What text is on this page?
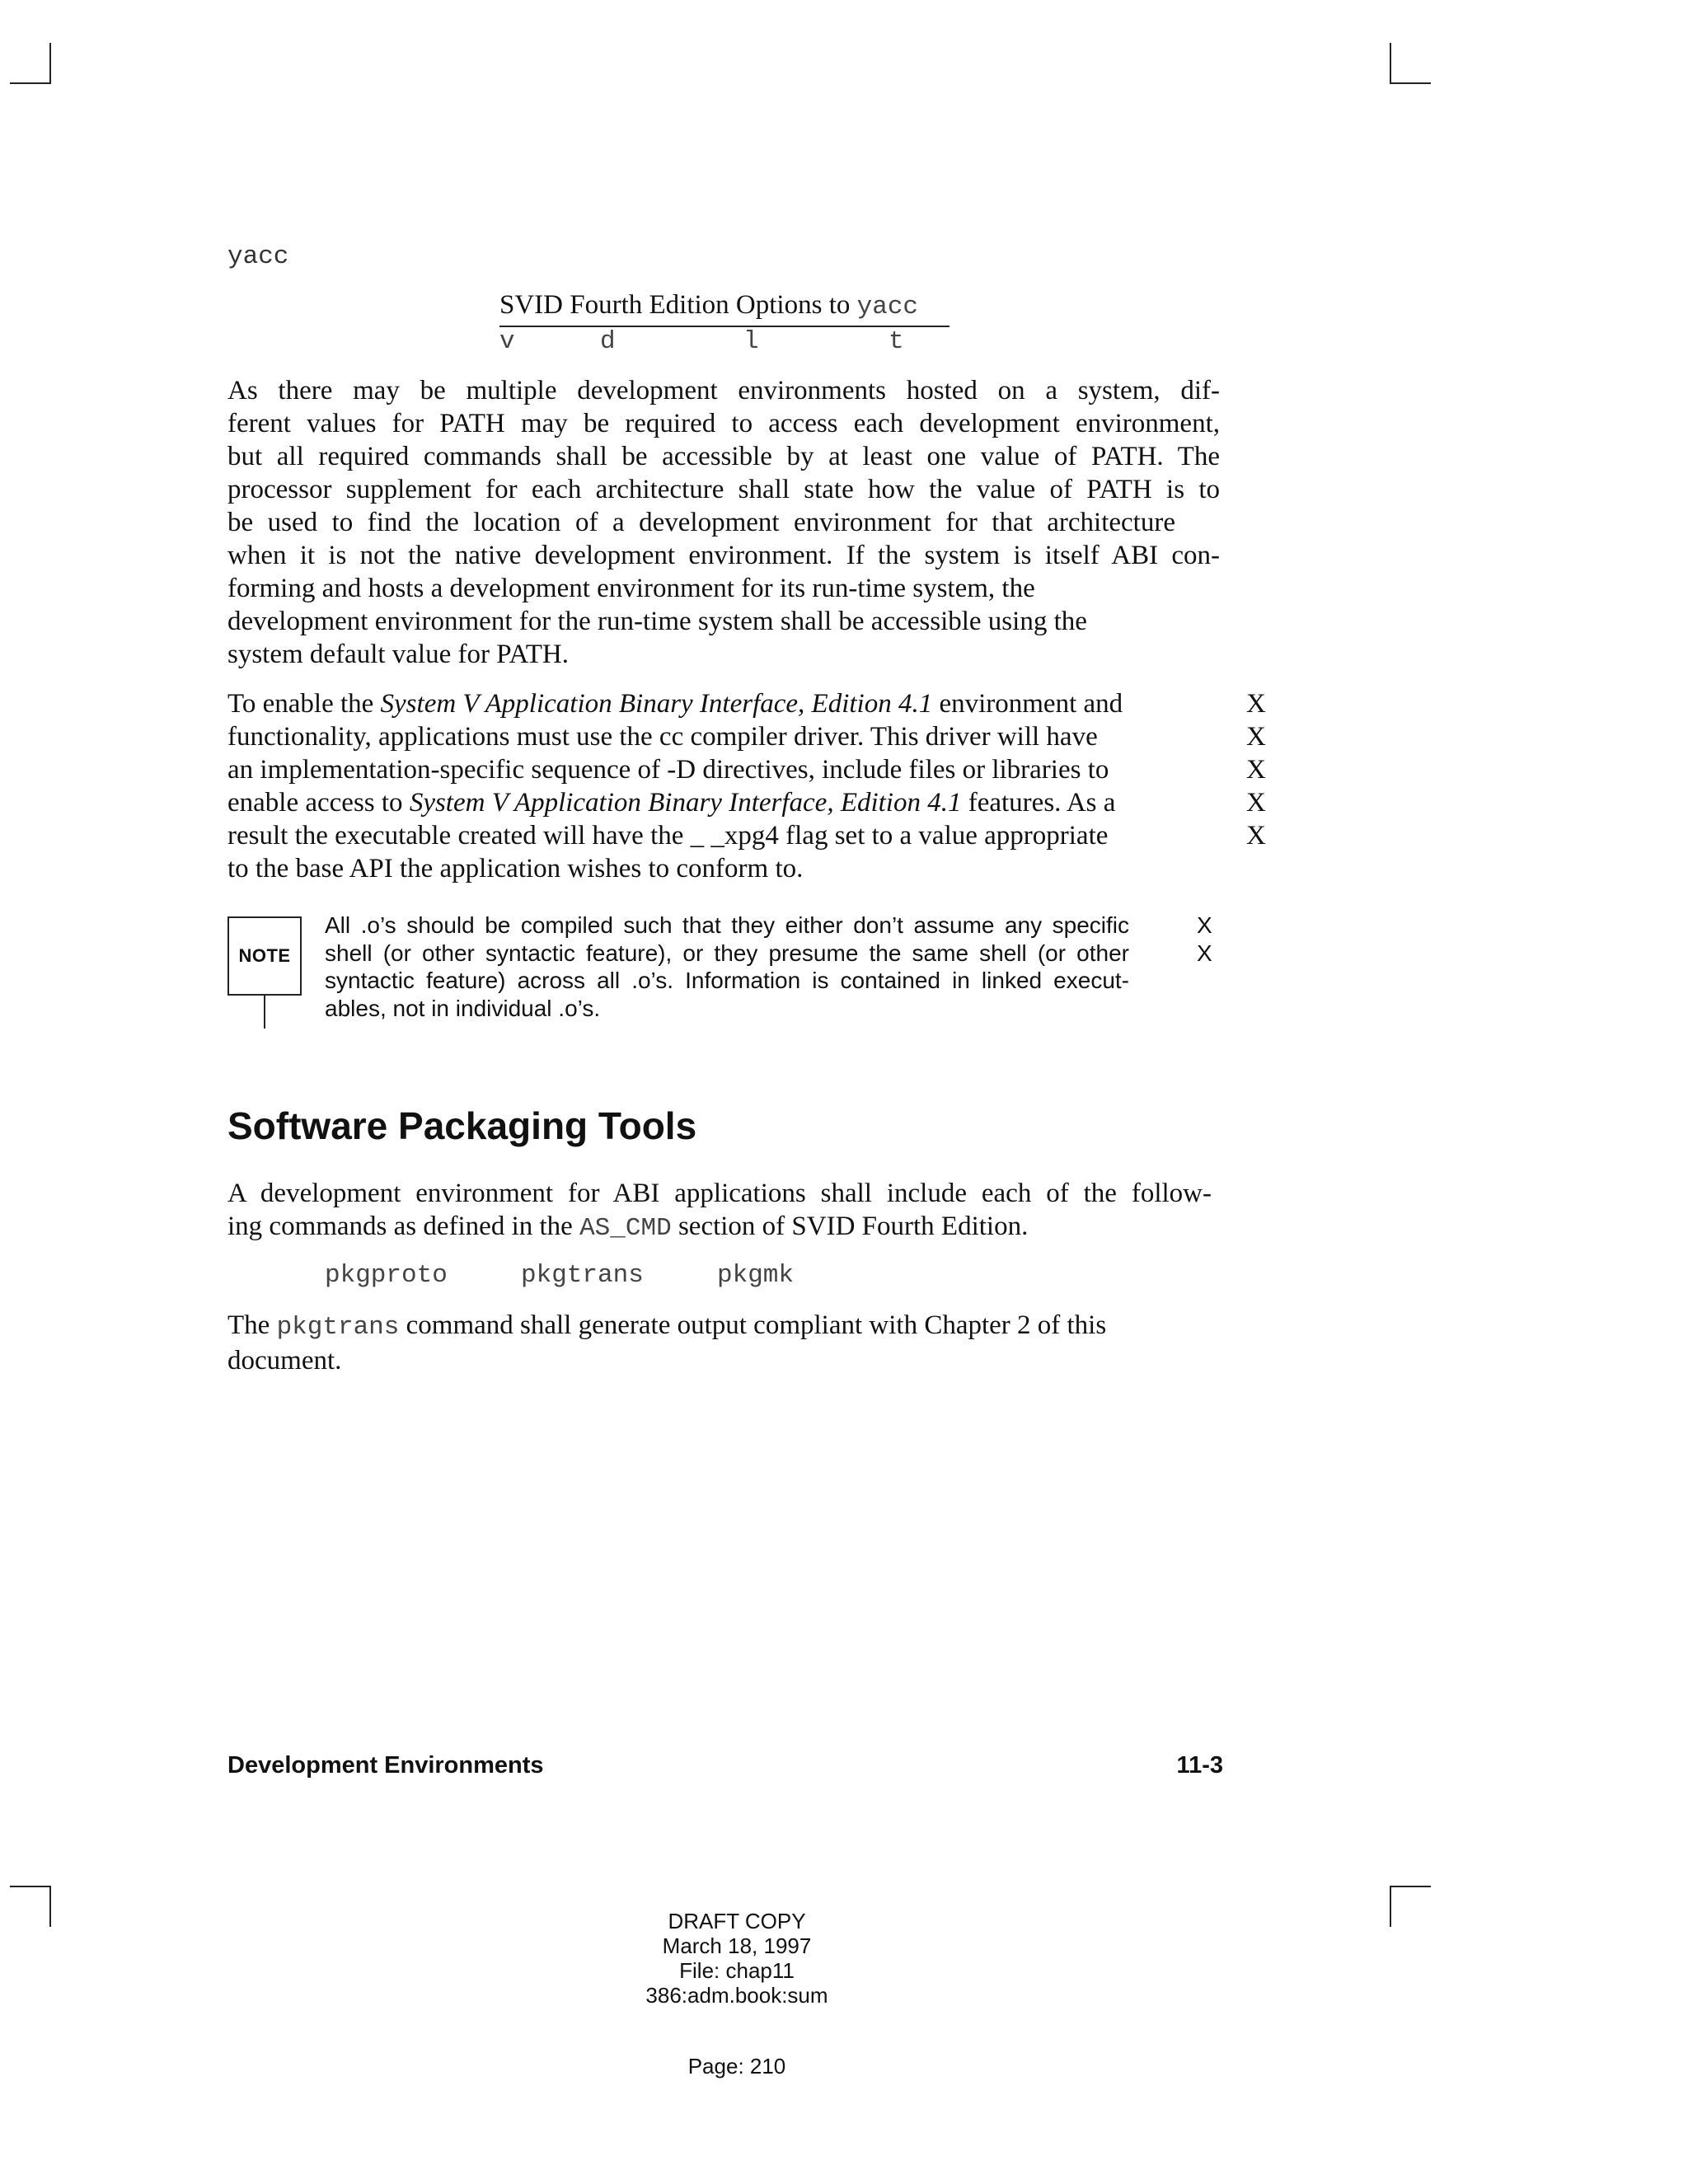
yacc
SVID Fourth Edition Options to yacc
v	d	l	t
As there may be multiple development environments hosted on a system, dif-
ferent values for PATH may be required to access each development environment,
but all required commands shall be accessible by at least one value of PATH. The
processor supplement for each architecture shall state how the value of PATH is to
be used to find the location of a development environment for that architecture
when it is not the native development environment. If the system is itself ABI con-
forming and hosts a development environment for its run-time system, the
development environment for the run-time system shall be accessible using the
system default value for PATH.
To enable the System V Application Binary Interface, Edition 4.1 environment and
functionality, applications must use the cc compiler driver. This driver will have
an implementation-specific sequence of -D directives, include files or libraries to
enable access to System V Application Binary Interface, Edition 4.1 features. As a
result the executable created will have the _ _xpg4 flag set to a value appropriate
to the base API the application wishes to conform to.
X
X
X
X
X
NOTE
All .o’s should be compiled such that they either don’t assume any specific
shell (or other syntactic feature), or they presume the same shell (or other
syntactic feature) across all .o’s. Information is contained in linked execut-
ables, not in individual .o’s.
X
X
Software Packaging Tools
A development environment for ABI applications shall include each of the follow-
ing commands as defined in the AS_CMD section of SVID Fourth Edition.
pkgproto	pkgtrans	pkgmk
The pkgtrans command shall generate output compliant with Chapter 2 of this
document.
Development Environments	11-3
DRAFT COPY
March 18, 1997
File: chap11
386:adm.book:sum
Page: 210
